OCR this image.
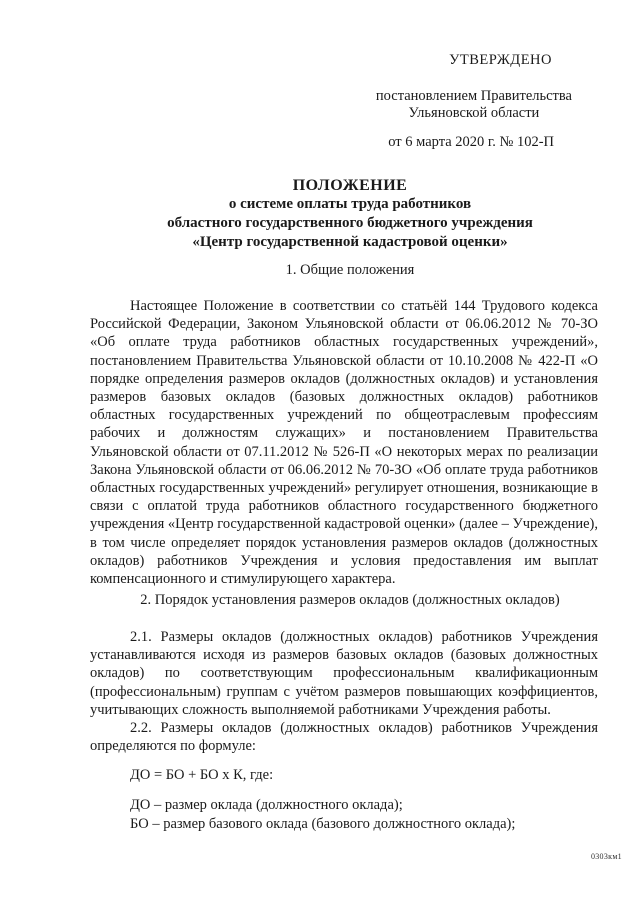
УТВЕРЖДЕНО
постановлением Правительства
Ульяновской области
от 6 марта 2020 г. № 102-П
ПОЛОЖЕНИЕ
о системе оплаты труда работников
областного государственного бюджетного учреждения
«Центр государственной кадастровой оценки»
1. Общие положения

Настоящее Положение в соответствии со статьёй 144 Трудового кодекса Российской Федерации, Законом Ульяновской области от 06.06.2012 № 70-ЗО «Об оплате труда работников областных государственных учреждений», постановлением Правительства Ульяновской области от 10.10.2008 № 422-П «О порядке определения размеров окладов (должностных окладов) и установления размеров базовых окладов (базовых должностных окладов) работников областных государственных учреждений по общеотраслевым профессиям рабочих и должностям служащих» и постановлением Правительства Ульяновской области от 07.11.2012 № 526-П «О некоторых мерах по реализации Закона Ульяновской области от 06.06.2012 № 70-ЗО «Об оплате труда работников областных государственных учреждений» регулирует отношения, возникающие в связи с оплатой труда работников областного государственного бюджетного учреждения «Центр государственной кадастровой оценки» (далее – Учреждение), в том числе определяет порядок установления размеров окладов (должностных окладов) работников Учреждения и условия предоставления им выплат компенсационного и стимулирующего характера.

2. Порядок установления размеров окладов (должностных окладов)

2.1. Размеры окладов (должностных окладов) работников Учреждения устанавливаются исходя из размеров базовых окладов (базовых должностных окладов) по соответствующим профессиональным квалификационным (профессиональным) группам с учётом размеров повышающих коэффициентов, учитывающих сложность выполняемой работниками Учреждения работы.

2.2. Размеры окладов (должностных окладов) работников Учреждения определяются по формуле:

ДО = БО + БО х К, где:
ДО – размер оклада (должностного оклада);
БО – размер базового оклада (базового должностного оклада);
0303км1
